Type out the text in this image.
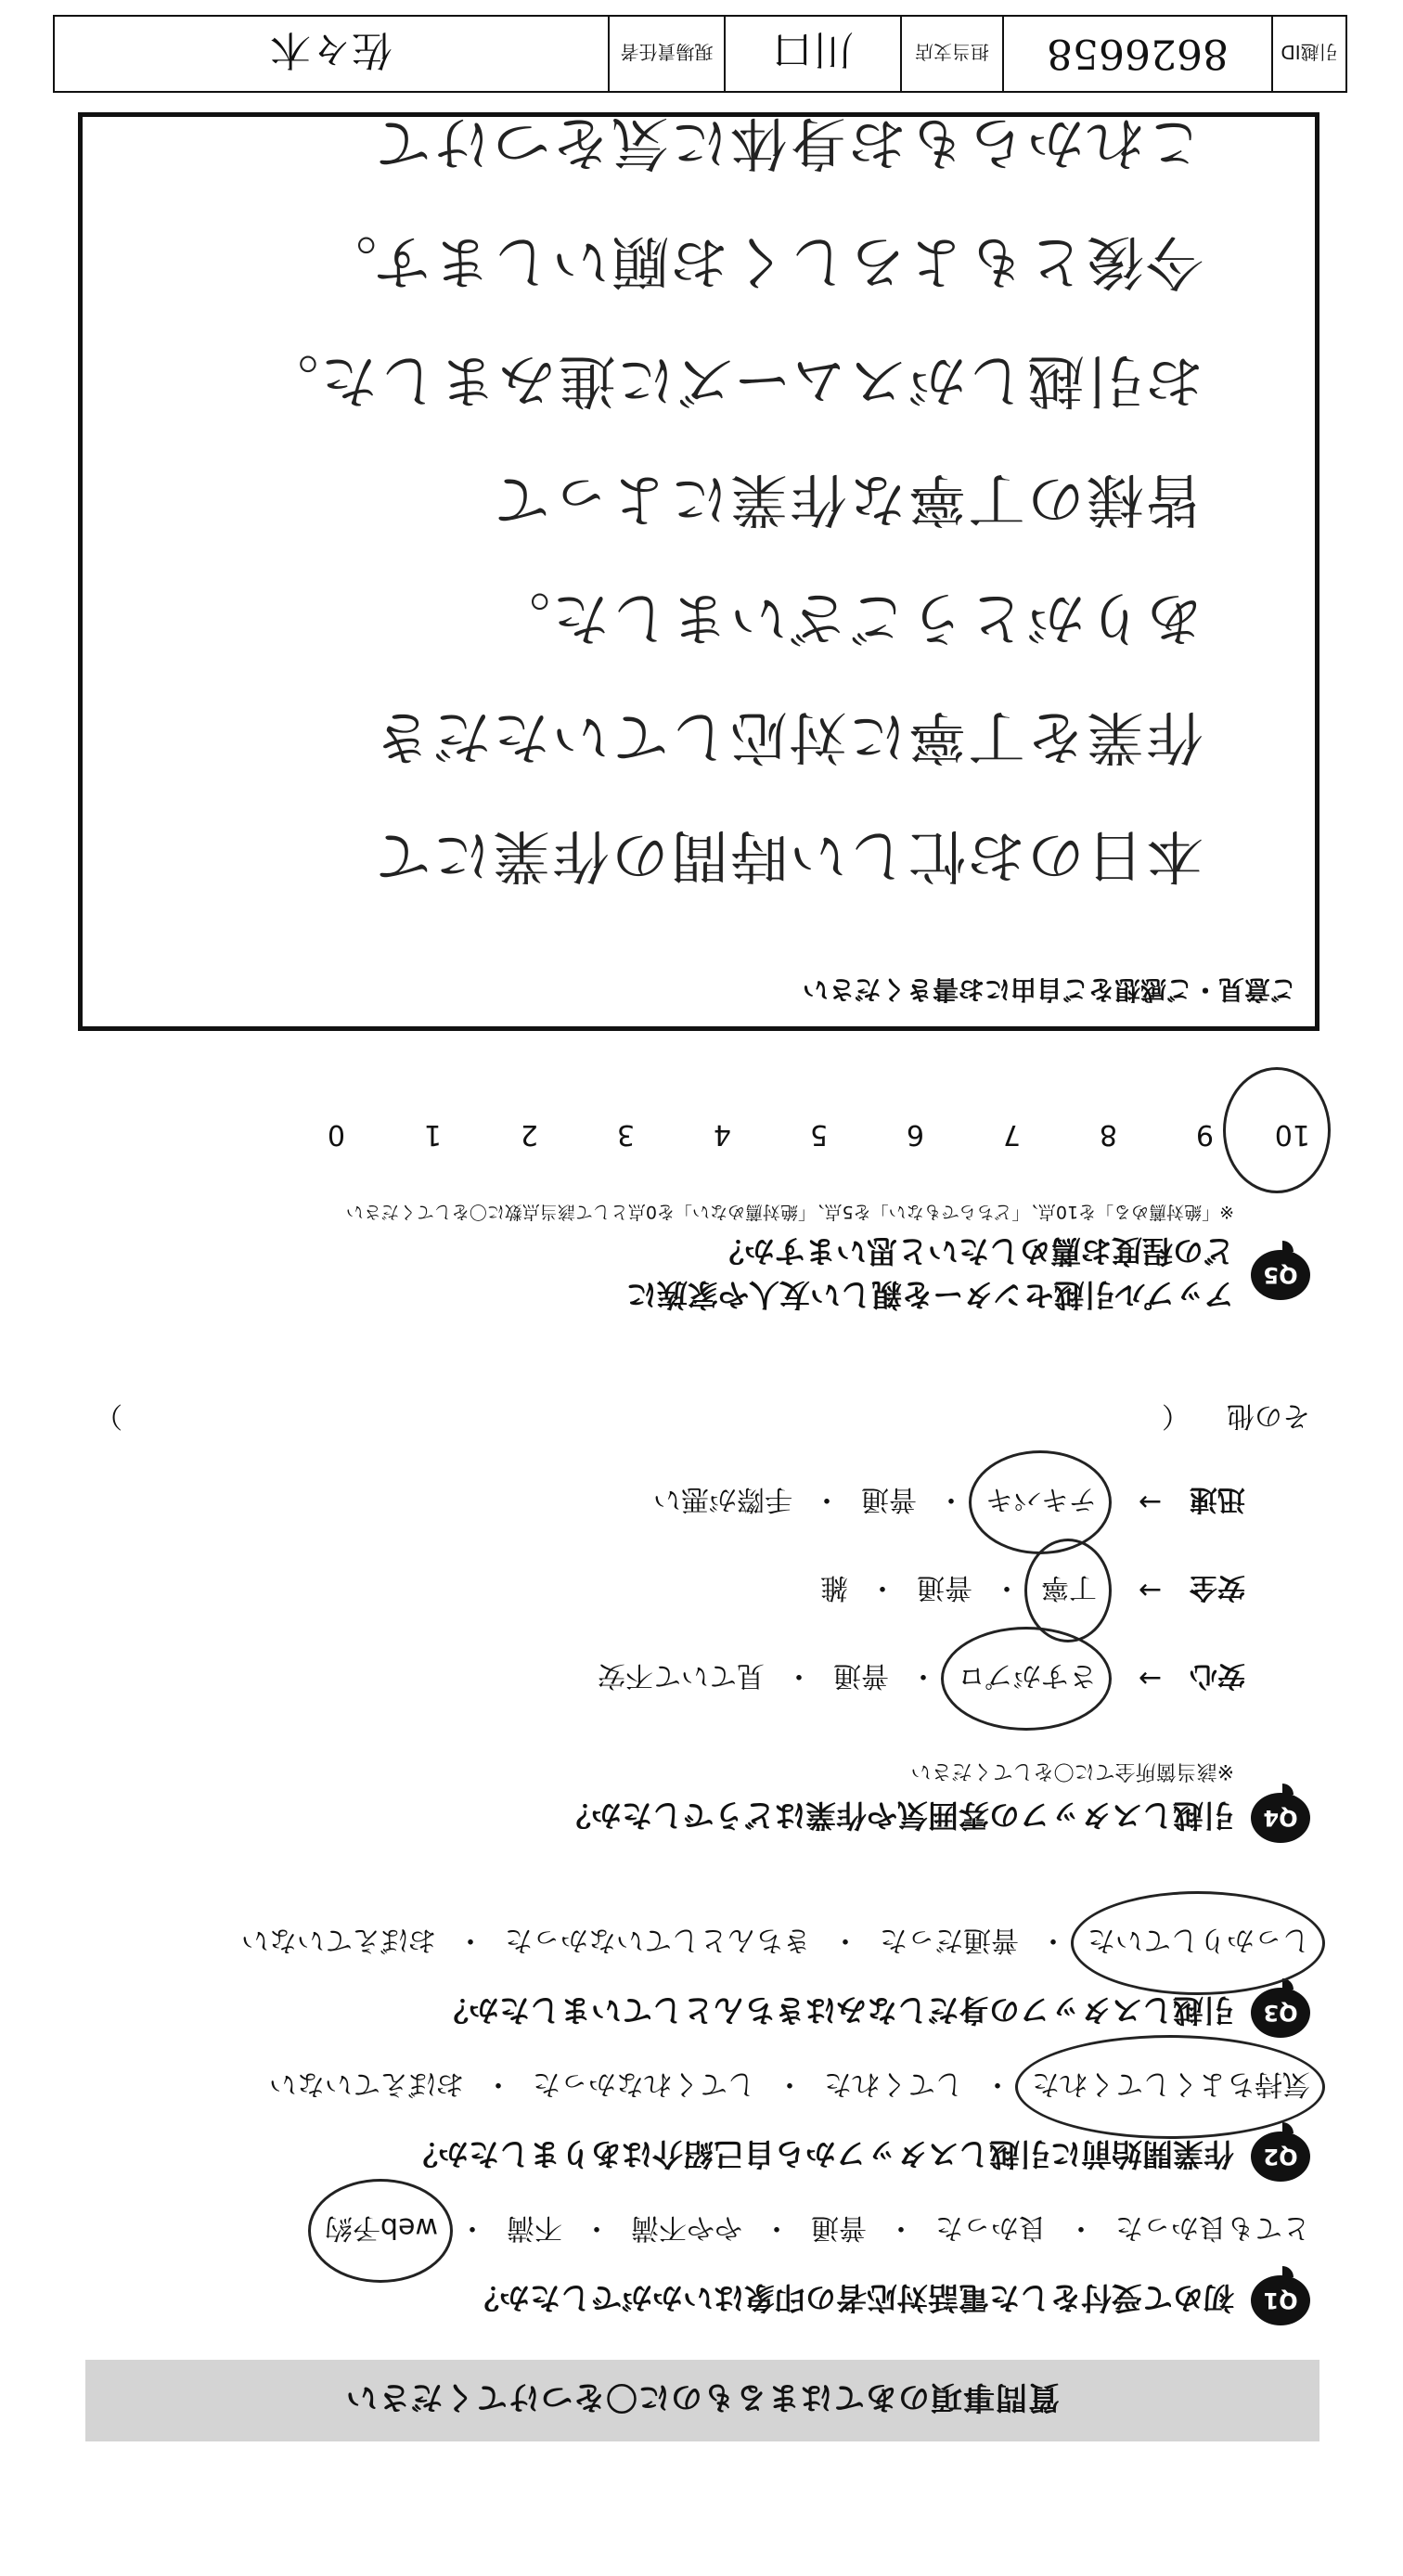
質問事項のあてはまるものに〇をつけてください
Q1
初めて受付をした電話対応者の印象はいかがでしたか？
とても良かった
・
良かった
・
普通
・
やや不満
・
不満
・
web予約
Q2
作業開始前に引越しスタッフから自己紹介はありましたか？
気持ちよくしてくれた
・
してくれた
・
してくれなかった
・
おぼえていない
Q3
引越しスタッフの身だしなみはきちんとしていましたか？
しっかりしていた
・
普通だった
・
きちんとしていなかった
・
おぼえていない
Q4
引越しスタッフの雰囲気や作業はどうでしたか？
※該当箇所全てに〇をしてください
安心
→
さすがプロ
・
普通
・
見ていて不安
安全
→
丁寧
・
普通
・
雑
迅速
→
テキパキ
・
普通
・
手際が悪い
その他
（
）
Q5
アップル引越センターを親しい友人や家族に
どの程度お薦めしたいと思いますか？
※「絶対薦める」を10点、「どちらでもない」を5点、「絶対薦めない」を0点として該当点数に〇をしてください
10
9
8
7
6
5
4
3
2
1
0
ご意見・ご感想をご自由にお書きください
本日のお忙しい時間の作業にて
作業を丁寧に対応していただき
ありがとうございました。
皆様の丁寧な作業によって
お引越しがスムーズに進みました。
今後ともよろしくお願いします。
これからもお身体に気をつけて
引越ID
8626658
担当支店
川口
現場責任者
佐々木
